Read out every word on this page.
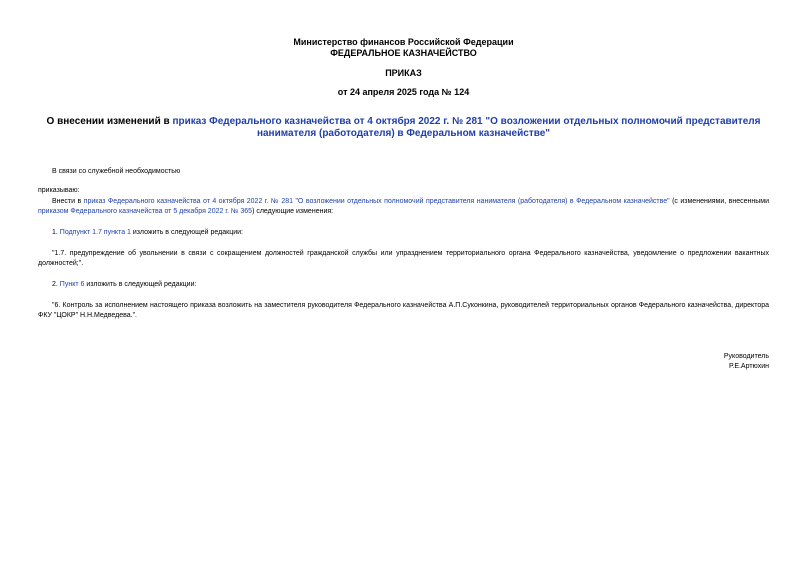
Министерство финансов Российской Федерации
ФЕДЕРАЛЬНОЕ КАЗНАЧЕЙСТВО
ПРИКАЗ
от 24 апреля 2025 года № 124
О внесении изменений в приказ Федерального казначейства от 4 октября 2022 г. № 281 "О возложении отдельных полномочий представителя нанимателя (работодателя) в Федеральном казначействе"
В связи со служебной необходимостью
приказываю:
Внести в приказ Федерального казначейства от 4 октября 2022 г. № 281 "О возложении отдельных полномочий представителя нанимателя (работодателя) в Федеральном казначействе" (с изменениями, внесенными приказом Федерального казначейства от 5 декабря 2022 г. № 365) следующие изменения:
1. Подпункт 1.7 пункта 1 изложить в следующей редакции:
"1.7. предупреждение об увольнении в связи с сокращением должностей гражданской службы или упразднением территориального органа Федерального казначейства, уведомление о предложении вакантных должностей;".
2. Пункт 6 изложить в следующей редакции:
"6. Контроль за исполнением настоящего приказа возложить на заместителя руководителя Федерального казначейства А.П.Суконкина, руководителей территориальных органов Федерального казначейства, директора ФКУ "ЦОКР" Н.Н.Медведева.".
Руководитель
Р.Е.Артюхин
